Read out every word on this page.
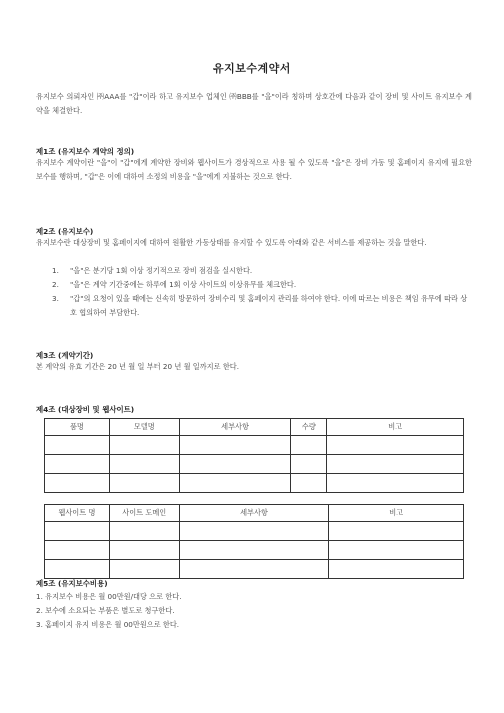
유지보수계약서
유지보수 의뢰자인 ㈜AAA를 "갑"이라 하고 유지보수 업체인 ㈜BBB를 "을"이라 칭하며 상호간에 다음과 같이 장비 및 사이트 유지보수 계약을 체결한다.
제1조 (유지보수 계약의 정의)
유지보수 계약이란 "을"이 "갑"에게 계약한 장비와 웹사이트가 경상적으로 사용 될 수 있도록 "을"은 장비 가동 및 홈페이지 유지에 필요한 보수를 행하며, "갑"은 이에 대하여 소정의 비용을 "을"에게 지불하는 것으로 한다.
제2조 (유지보수)
유지보수란 대상장비 및 홈페이지에 대하여 원활한 가동상태를 유지할 수 있도록 아래와 같은 서비스를 제공하는 것을 말한다.
1. "을"은 분기당 1회 이상 정기적으로 장비 점검을 실시한다.
2. "을"은 계약 기간중에는 하루에 1회 이상 사이트의 이상유무를 체크한다.
3. "갑"의 요청이 있을 때에는 신속히 방문하여 장비수리 및 홈페이지 관리를 하여야 한다. 이에 따르는 비용은 책임 유무에 따라 상호 협의하여 부담한다.
제3조 (계약기간)
본 계약의 유효 기간은 20 년 월 일 부터 20 년 월 일까지로 한다.
제4조 (대상장비 및 웹사이트)
품명	모델명	세부사항	수량	비고

웹사이트 명	사이트 도메인	세부사항	비고

제5조 (유지보수비용)
1. 유지보수 비용은 월 00만원/대당 으로 한다.
2. 보수에 소요되는 부품은 별도로 청구한다.
3. 홈페이지 유지 비용은 월 00만원으로 한다.
